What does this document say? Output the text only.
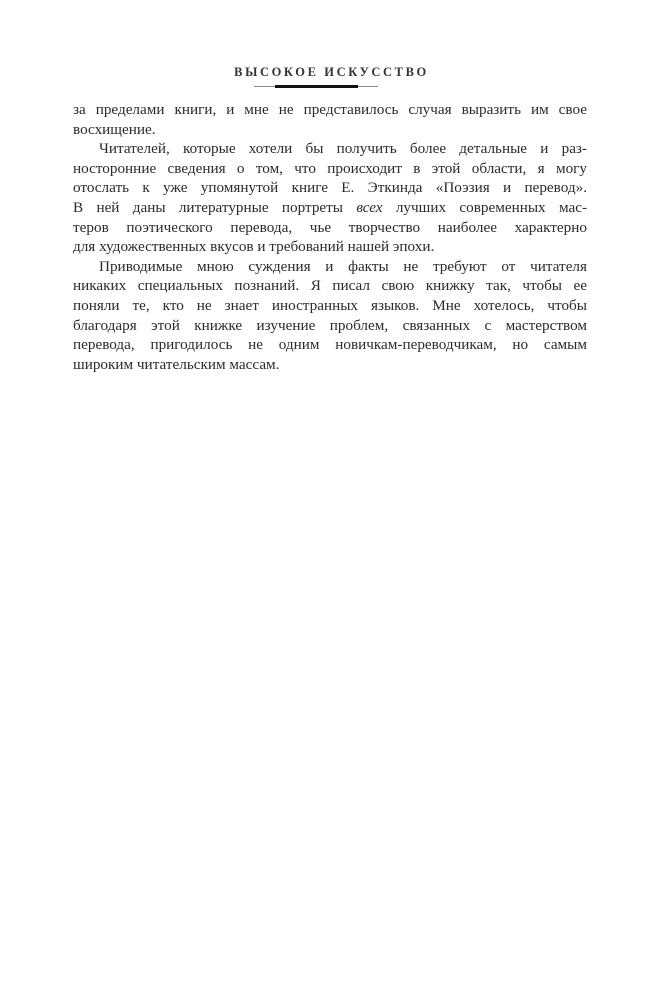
ВЫСОКОЕ ИСКУССТВО

за пределами книги, и мне не представилось случая выразить им свое
восхищение.

Читателей, которые хотели бы получить более детальные и раз-
носторонние сведения о том, что происходит в этой области, я могу
отослать к уже упомянутой книге Е. Эткинда «Поэзия и перевод».
В ней даны литературные портреты всех лучших современных мас-
теров поэтического перевода, чье творчество наиболее характерно
для художественных вкусов и требований нашей эпохи.

Приводимые мною суждения и факты не требуют от читателя
никаких специальных познаний. Я писал свою книжку так, чтобы ее
поняли те, кто не знает иностранных языков. Мне хотелось, чтобы
благодаря этой книжке изучение проблем, связанных с мастерством
перевода, пригодилось не одним новичкам-переводчикам, но самым
широким читательским массам.
